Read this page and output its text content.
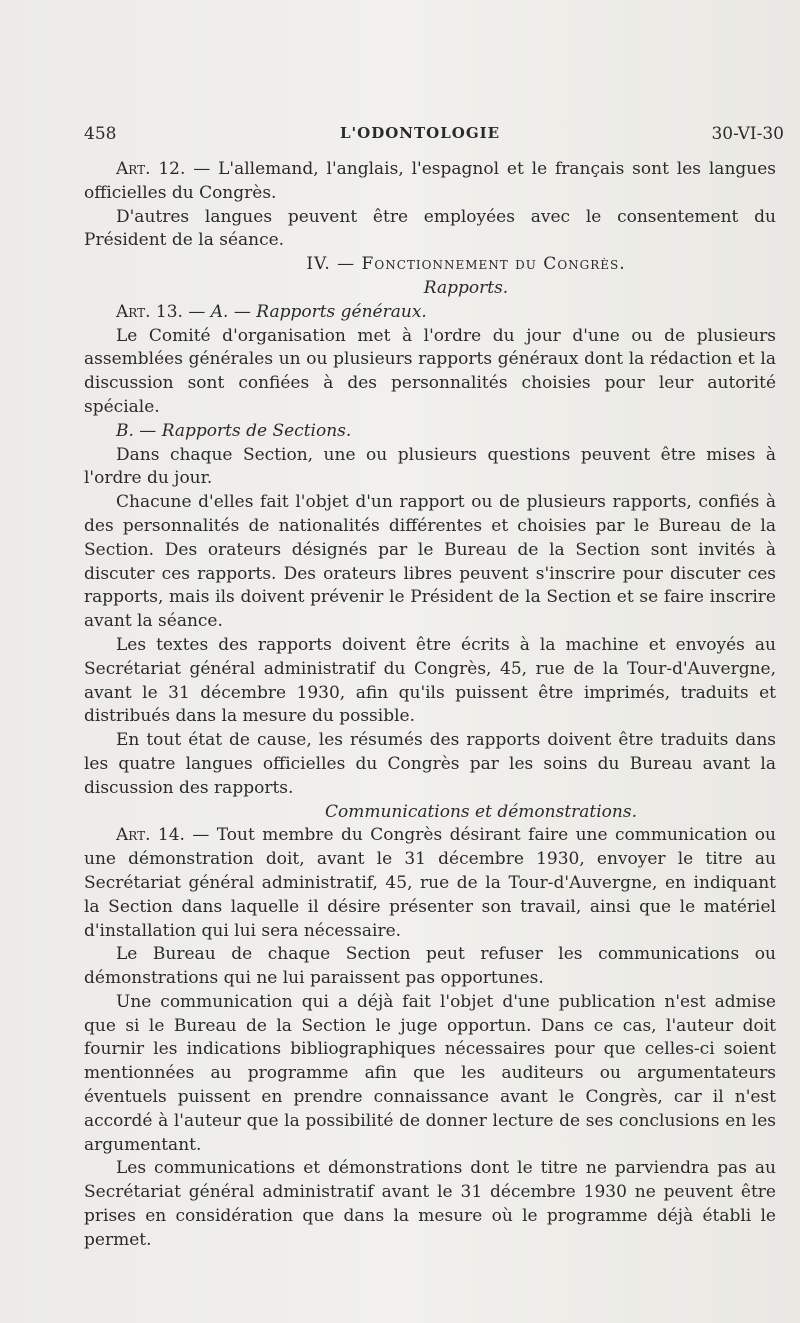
458	L'ODONTOLOGIE	30-VI-30

Art. 12. — L'allemand, l'anglais, l'espagnol et le français sont les langues officielles du Congrès.

D'autres langues peuvent être employées avec le consentement du Président de la séance.

IV. — Fonctionnement du Congrès.

Rapports.

Art. 13. — A. — Rapports généraux.

Le Comité d'organisation met à l'ordre du jour d'une ou de plusieurs assemblées générales un ou plusieurs rapports généraux dont la rédaction et la discussion sont confiées à des personnalités choisies pour leur autorité spéciale.

B. — Rapports de Sections.

Dans chaque Section, une ou plusieurs questions peuvent être mises à l'ordre du jour.

Chacune d'elles fait l'objet d'un rapport ou de plusieurs rapports, confiés à des personnalités de nationalités différentes et choisies par le Bureau de la Section. Des orateurs désignés par le Bureau de la Section sont invités à discuter ces rapports. Des orateurs libres peuvent s'inscrire pour discuter ces rapports, mais ils doivent prévenir le Président de la Section et se faire inscrire avant la séance.

Les textes des rapports doivent être écrits à la machine et envoyés au Secrétariat général administratif du Congrès, 45, rue de la Tour-d'Auvergne, avant le 31 décembre 1930, afin qu'ils puissent être imprimés, traduits et distribués dans la mesure du possible.

En tout état de cause, les résumés des rapports doivent être traduits dans les quatre langues officielles du Congrès par les soins du Bureau avant la discussion des rapports.

Communications et démonstrations.

Art. 14. — Tout membre du Congrès désirant faire une communication ou une démonstration doit, avant le 31 décembre 1930, envoyer le titre au Secrétariat général administratif, 45, rue de la Tour-d'Auvergne, en indiquant la Section dans laquelle il désire présenter son travail, ainsi que le matériel d'installation qui lui sera nécessaire.

Le Bureau de chaque Section peut refuser les communications ou démonstrations qui ne lui paraissent pas opportunes.

Une communication qui a déjà fait l'objet d'une publication n'est admise que si le Bureau de la Section le juge opportun. Dans ce cas, l'auteur doit fournir les indications bibliographiques nécessaires pour que celles-ci soient mentionnées au programme afin que les auditeurs ou argumentateurs éventuels puissent en prendre connaissance avant le Congrès, car il n'est accordé à l'auteur que la possibilité de donner lecture de ses conclusions en les argumentant.

Les communications et démonstrations dont le titre ne parviendra pas au Secrétariat général administratif avant le 31 décembre 1930 ne peuvent être prises en considération que dans la mesure où le programme déjà établi le permet.
